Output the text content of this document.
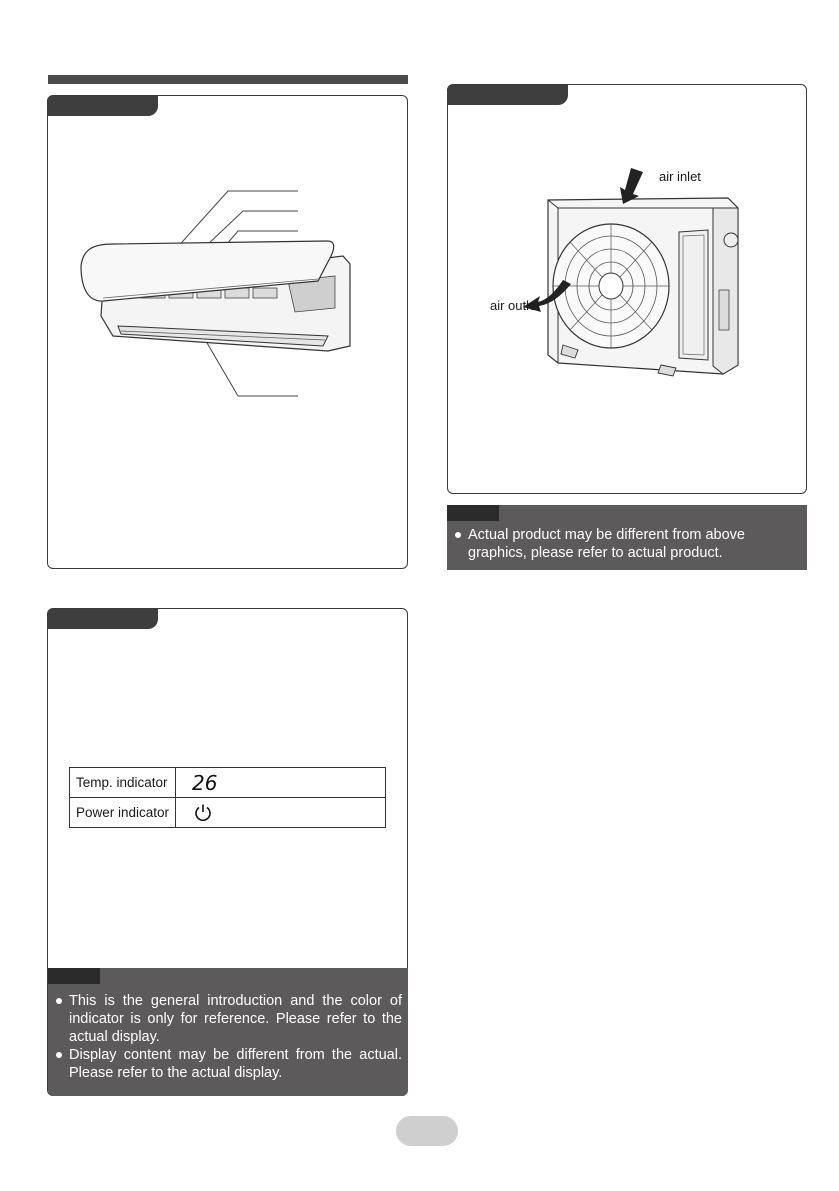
Temp. indicator	26

Power indicator	
This is the general introduction and the color of indicator is only for reference. Please refer to the actual display.
Display content may be different from the actual. Please refer to the actual display.
air inlet
air outlet
Actual product may be different from above graphics, please refer to actual product.
